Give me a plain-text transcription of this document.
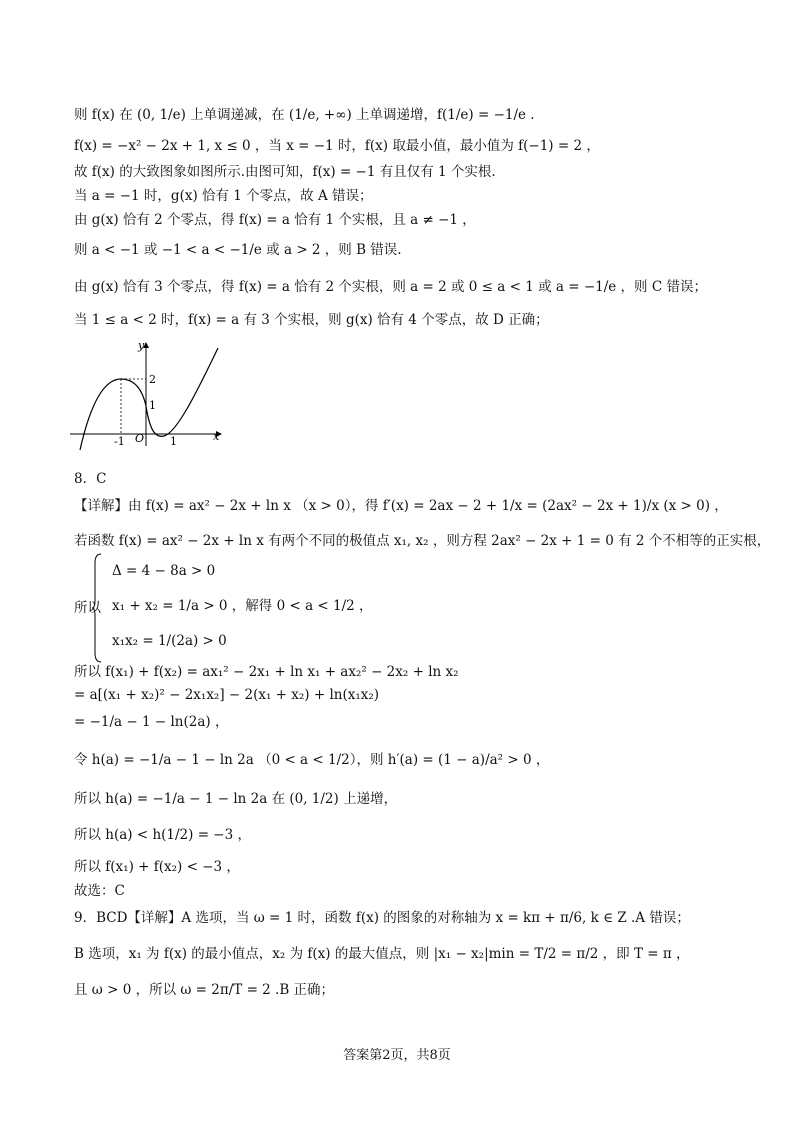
则 f(x) 在 (0, 1/e) 上单调递减，在 (1/e, +∞) 上单调递增，f(1/e) = −1/e .
f(x) = −x² − 2x + 1, x ≤ 0 ，当 x = −1 时，f(x) 取最小值，最小值为 f(−1) = 2 ，
故 f(x) 的大致图象如图所示.由图可知，f(x) = −1 有且仅有 1 个实根.
当 a = −1 时，g(x) 恰有 1 个零点，故 A 错误；
由 g(x) 恰有 2 个零点，得 f(x) = a 恰有 1 个实根，且 a ≠ −1 ，
则 a < −1 或 −1 < a < −1/e 或 a > 2 ，则 B 错误.
由 g(x) 恰有 3 个零点，得 f(x) = a 恰有 2 个实根，则 a = 2 或 0 ≤ a < 1 或 a = −1/e ，则 C 错误；
当 1 ≤ a < 2 时，f(x) = a 有 3 个实根，则 g(x) 恰有 4 个零点，故 D 正确；
y
x
O
-1	1
2
1
8．C
【详解】由 f(x) = ax² − 2x + ln x （x > 0），得 f′(x) = 2ax − 2 + 1/x = (2ax² − 2x + 1)/x (x > 0) ，
若函数 f(x) = ax² − 2x + ln x 有两个不同的极值点 x₁, x₂ ，则方程 2ax² − 2x + 1 = 0 有 2 个不相等的正实根，
所以
Δ = 4 − 8a > 0
x₁ + x₂ = 1/a > 0 ，解得 0 < a < 1/2 ，
x₁x₂ = 1/(2a) > 0
所以 f(x₁) + f(x₂) = ax₁² − 2x₁ + ln x₁ + ax₂² − 2x₂ + ln x₂
= a[(x₁ + x₂)² − 2x₁x₂] − 2(x₁ + x₂) + ln(x₁x₂)
= −1/a − 1 − ln(2a) ，
令 h(a) = −1/a − 1 − ln 2a （0 < a < 1/2），则 h′(a) = (1 − a)/a² > 0 ，
所以 h(a) = −1/a − 1 − ln 2a 在 (0, 1/2) 上递增，
所以 h(a) < h(1/2) = −3 ，
所以 f(x₁) + f(x₂) < −3 ，
故选：C
9．BCD【详解】A 选项，当 ω = 1 时，函数 f(x) 的图象的对称轴为 x = kπ + π/6, k ∈ Z .A 错误；
B 选项，x₁ 为 f(x) 的最小值点，x₂ 为 f(x) 的最大值点，则 |x₁ − x₂|min = T/2 = π/2 ，即 T = π ，
且 ω > 0 ，所以 ω = 2π/T = 2 .B 正确；
答案第2页，共8页
